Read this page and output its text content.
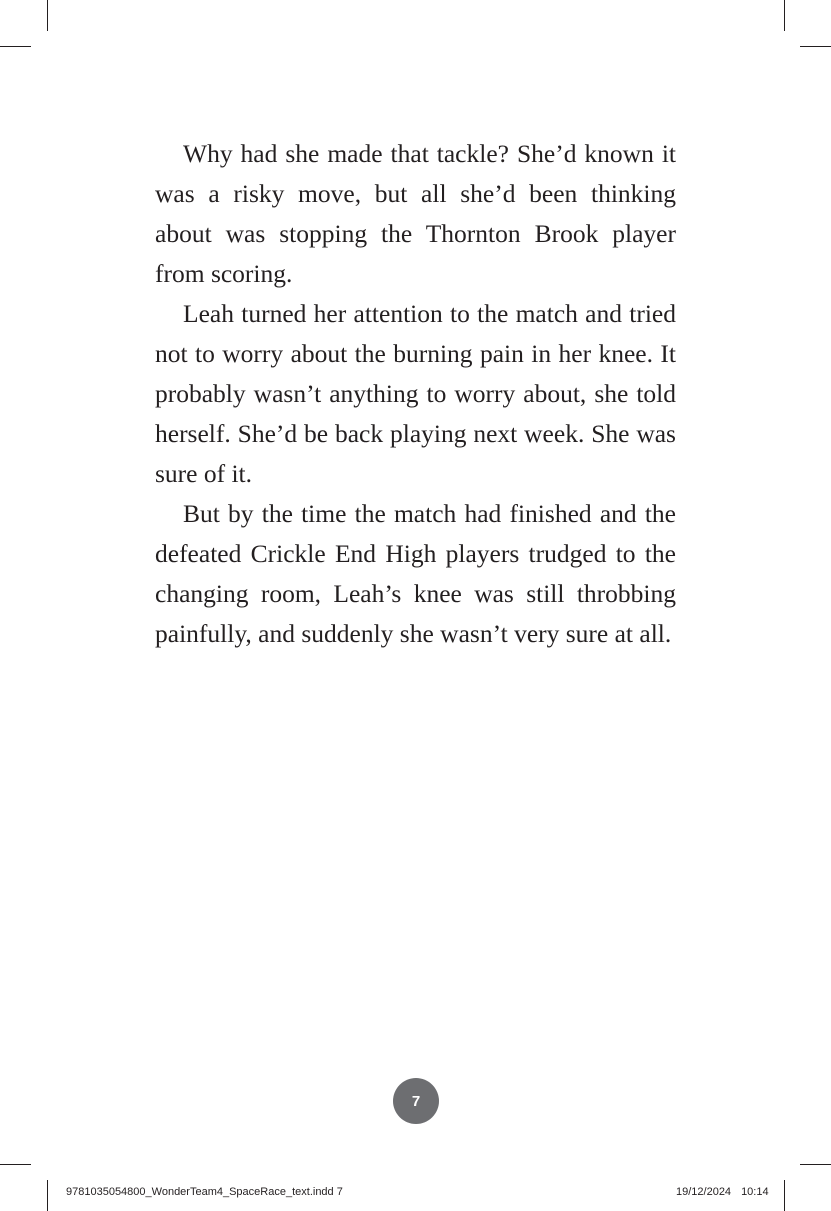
Why had she made that tackle? She’d known it was a risky move, but all she’d been thinking about was stopping the Thornton Brook player from scoring.

Leah turned her attention to the match and tried not to worry about the burning pain in her knee. It probably wasn’t anything to worry about, she told herself. She’d be back playing next week. She was sure of it.

But by the time the match had finished and the defeated Crickle End High players trudged to the changing room, Leah’s knee was still throbbing painfully, and suddenly she wasn’t very sure at all.

7
9781035054800_WonderTeam4_SpaceRace_text.indd 7	19/12/2024 10:14
